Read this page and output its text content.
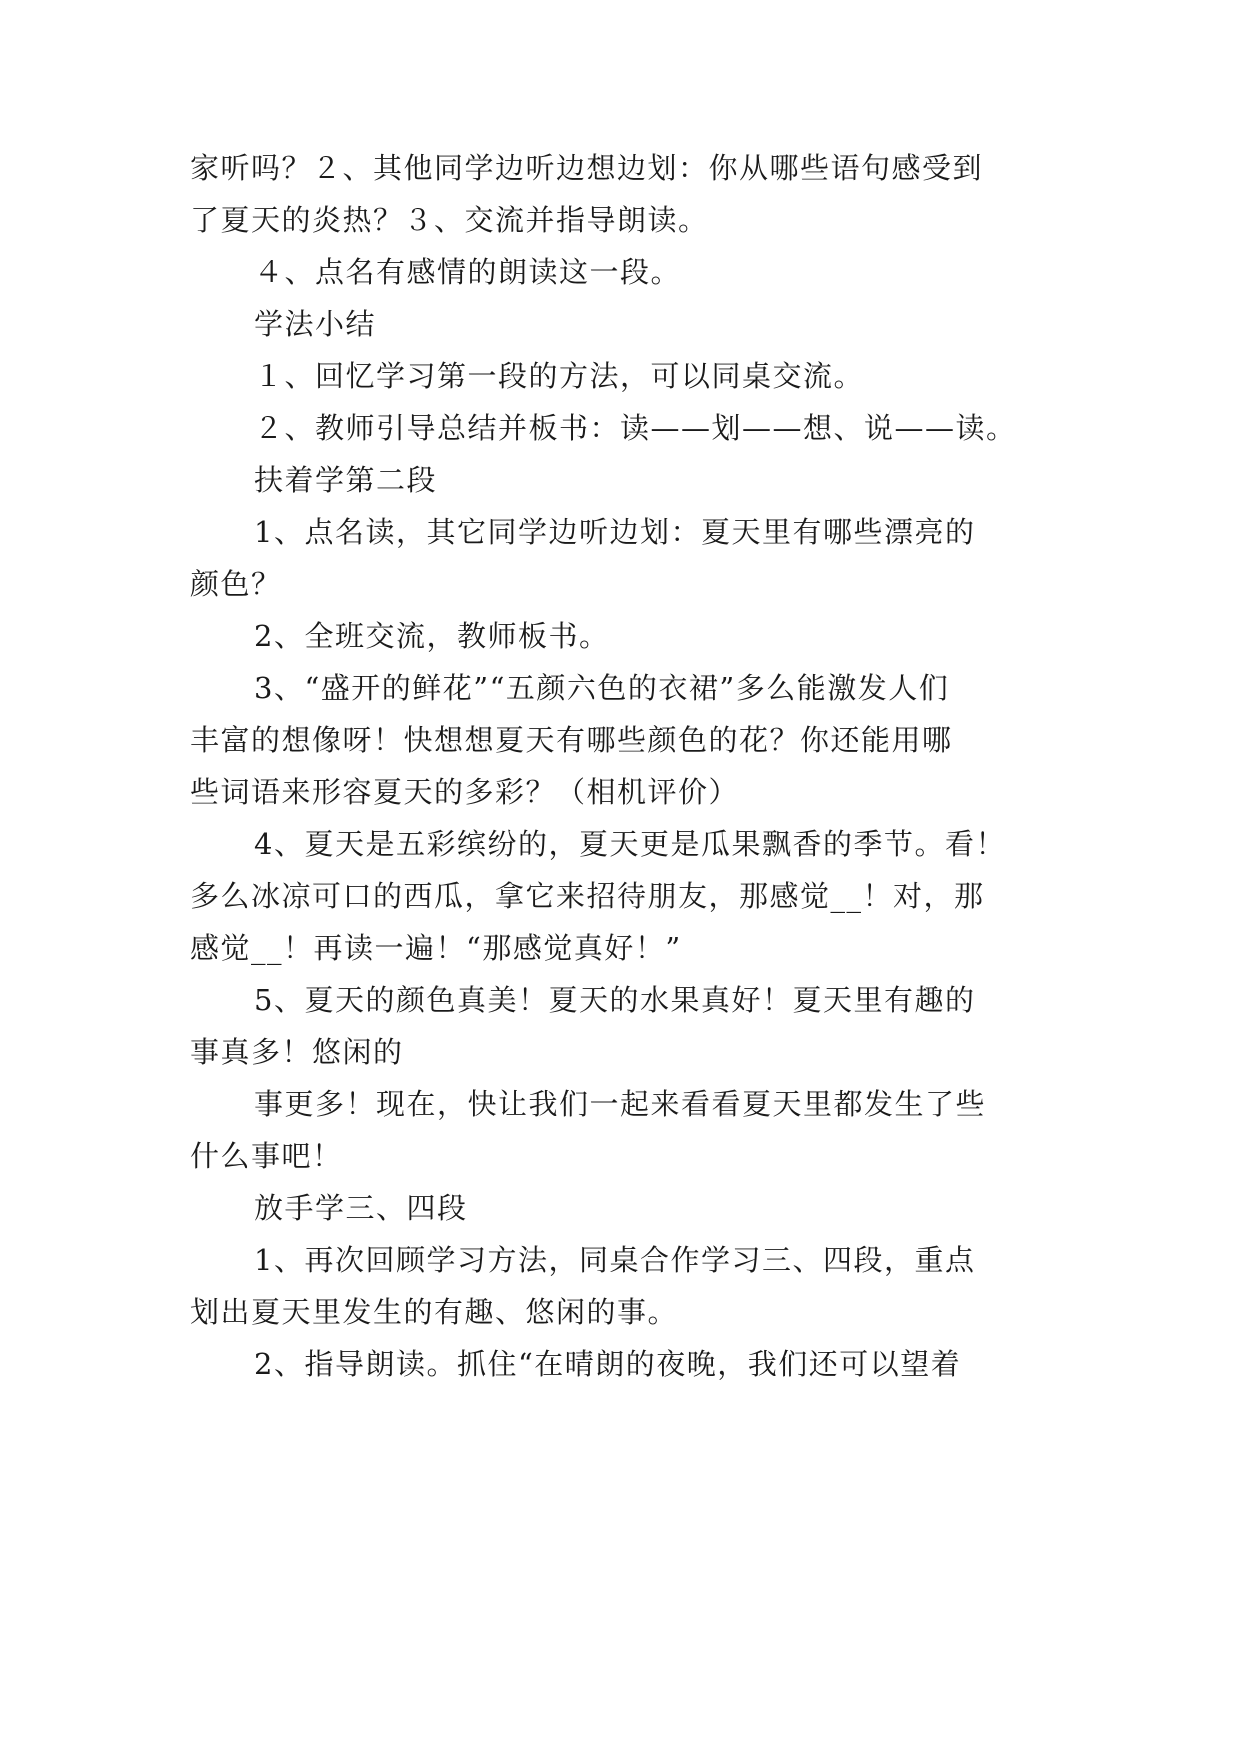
家听吗？２、其他同学边听边想边划：你从哪些语句感受到
了夏天的炎热？３、交流并指导朗读。
４、点名有感情的朗读这一段。
学法小结
１、回忆学习第一段的方法，可以同桌交流。
２、教师引导总结并板书：读——划——想、说——读。
扶着学第二段
1、点名读，其它同学边听边划：夏天里有哪些漂亮的
颜色？
2、全班交流，教师板书。
3、“盛开的鲜花”“五颜六色的衣裙”多么能激发人们
丰富的想像呀！快想想夏天有哪些颜色的花？你还能用哪
些词语来形容夏天的多彩？（相机评价）
4、夏天是五彩缤纷的，夏天更是瓜果飘香的季节。看！
多么冰凉可口的西瓜，拿它来招待朋友，那感觉__！对，那
感觉__！再读一遍！“那感觉真好！”
5、夏天的颜色真美！夏天的水果真好！夏天里有趣的
事真多！悠闲的
事更多！现在，快让我们一起来看看夏天里都发生了些
什么事吧！
放手学三、四段
1、再次回顾学习方法，同桌合作学习三、四段，重点
划出夏天里发生的有趣、悠闲的事。
2、指导朗读。抓住“在晴朗的夜晚，我们还可以望着
